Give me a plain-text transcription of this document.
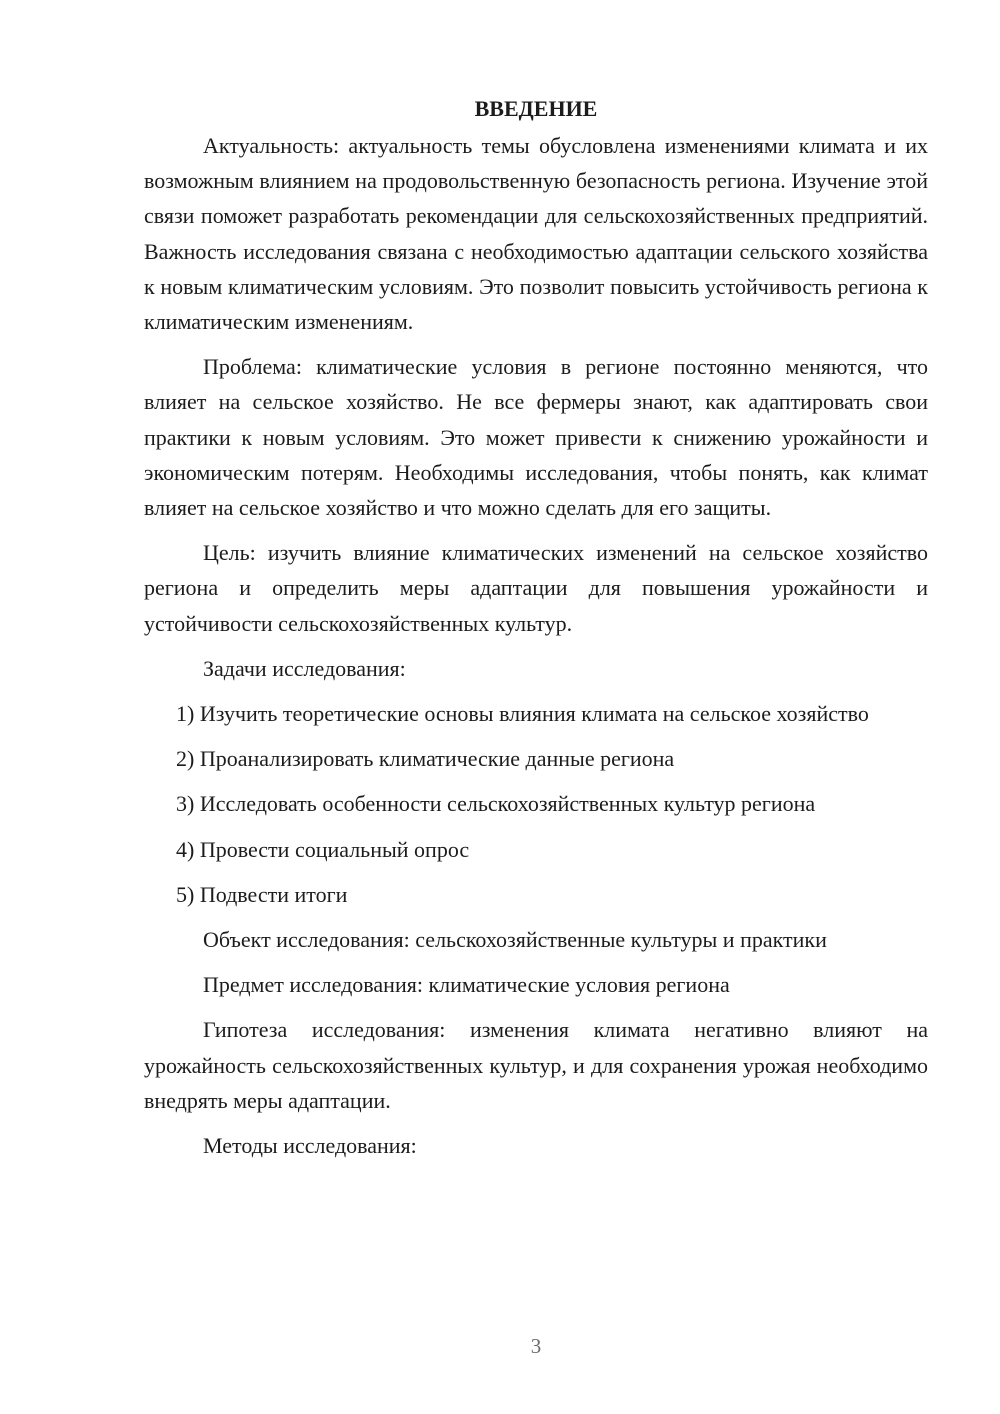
ВВЕДЕНИЕ

Актуальность: актуальность темы обусловлена изменениями климата и их возможным влиянием на продовольственную безопасность региона. Изучение этой связи поможет разработать рекомендации для сельскохозяйственных предприятий. Важность исследования связана с необходимостью адаптации сельского хозяйства к новым климатическим условиям. Это позволит повысить устойчивость региона к климатическим изменениям.

Проблема: климатические условия в регионе постоянно меняются, что влияет на сельское хозяйство. Не все фермеры знают, как адаптировать свои практики к новым условиям. Это может привести к снижению урожайности и экономическим потерям. Необходимы исследования, чтобы понять, как климат влияет на сельское хозяйство и что можно сделать для его защиты.

Цель: изучить влияние климатических изменений на сельское хозяйство региона и определить меры адаптации для повышения урожайности и устойчивости сельскохозяйственных культур.

Задачи исследования:

1) Изучить теоретические основы влияния климата на сельское хозяйство

2) Проанализировать климатические данные региона

3) Исследовать особенности сельскохозяйственных культур региона

4) Провести социальный опрос

5) Подвести итоги

Объект исследования: сельскохозяйственные культуры и практики

Предмет исследования: климатические условия региона

Гипотеза исследования: изменения климата негативно влияют на урожайность сельскохозяйственных культур, и для сохранения урожая необходимо внедрять меры адаптации.

Методы исследования:

3
